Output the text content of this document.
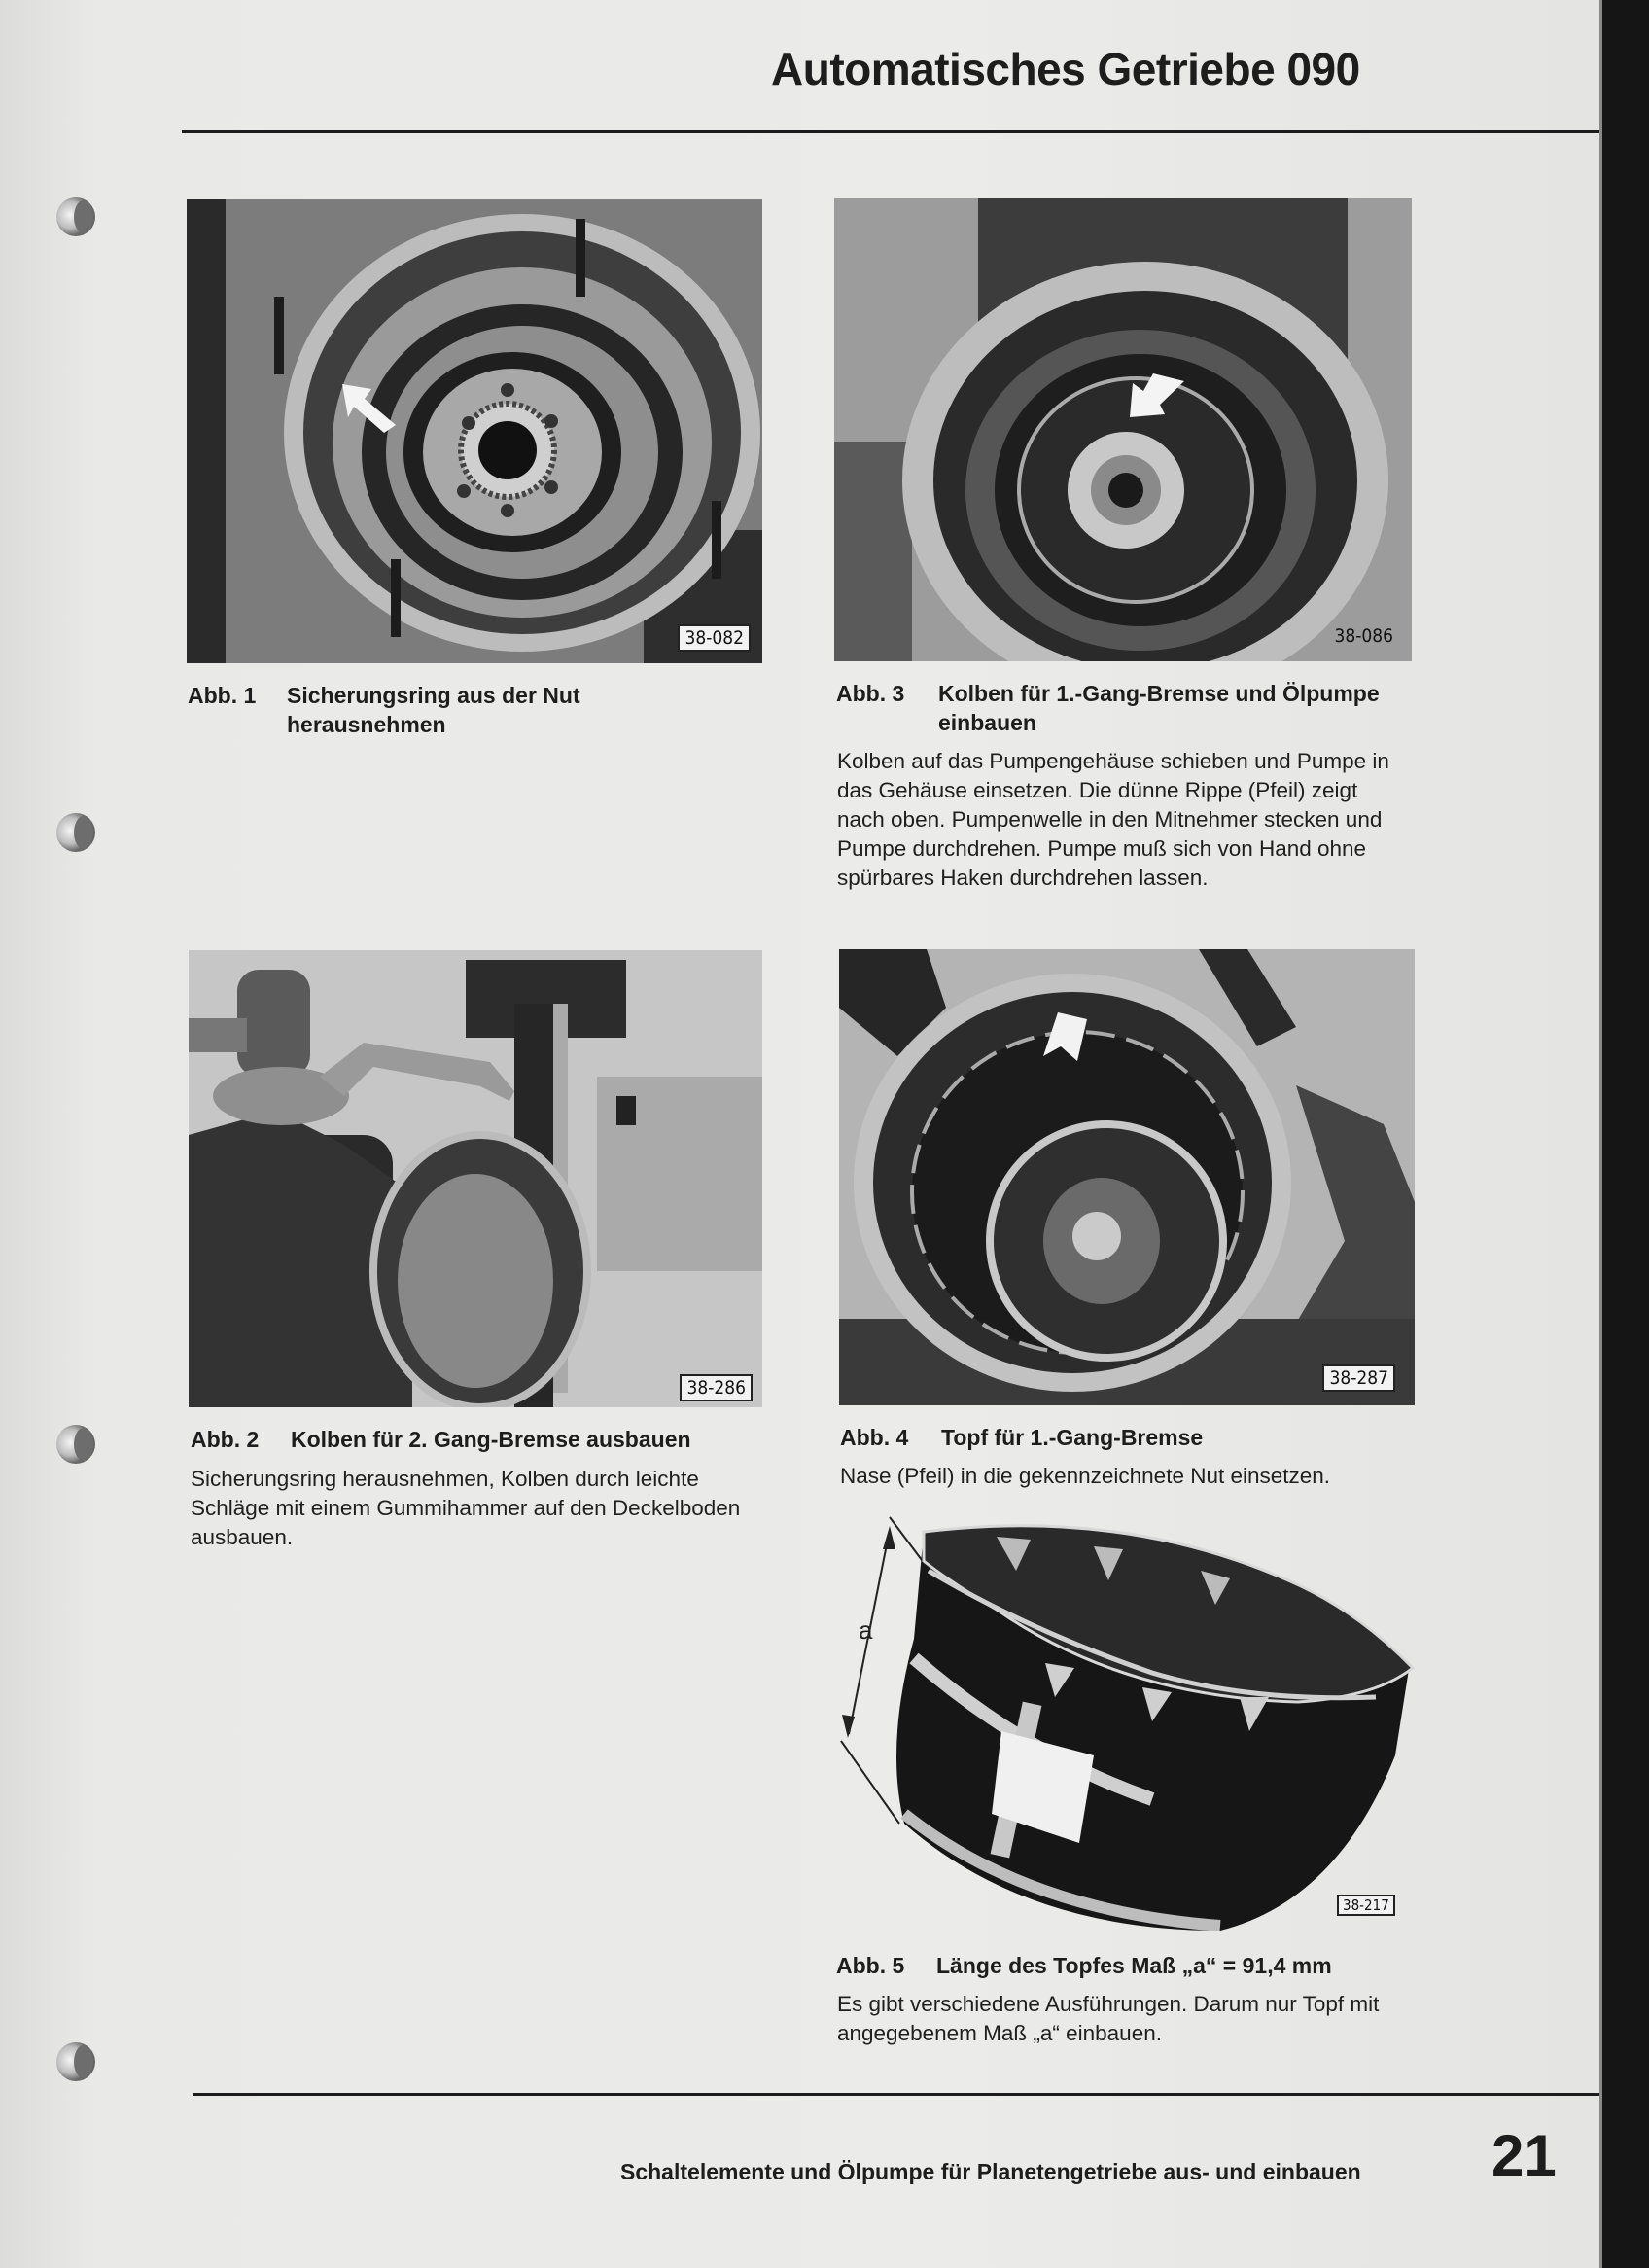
Automatisches Getriebe 090
38-082	38-086
Abb. 1 Sicherungsring aus der Nut herausnehmen
Abb. 3 Kolben für 1.-Gang-Bremse und Ölpumpe einbauen

Kolben auf das Pumpengehäuse schieben und Pumpe in das Gehäuse einsetzen. Die dünne Rippe (Pfeil) zeigt nach oben. Pumpenwelle in den Mitnehmer stecken und Pumpe durchdrehen. Pumpe muß sich von Hand ohne spürbares Haken durchdrehen lassen.

38-286	38-287
Abb. 2 Kolben für 2. Gang-Bremse ausbauen

Sicherungsring herausnehmen, Kolben durch leichte Schläge mit einem Gummihammer auf den Deckelboden ausbauen.

Abb. 4 Topf für 1.-Gang-Bremse

Nase (Pfeil) in die gekennzeichnete Nut einsetzen.

a
38-217
Abb. 5 Länge des Topfes Maß „a“ = 91,4 mm

Es gibt verschiedene Ausführungen. Darum nur Topf mit angegebenem Maß „a“ einbauen.

Schaltelemente und Ölpumpe für Planetengetriebe aus- und einbauen 21
